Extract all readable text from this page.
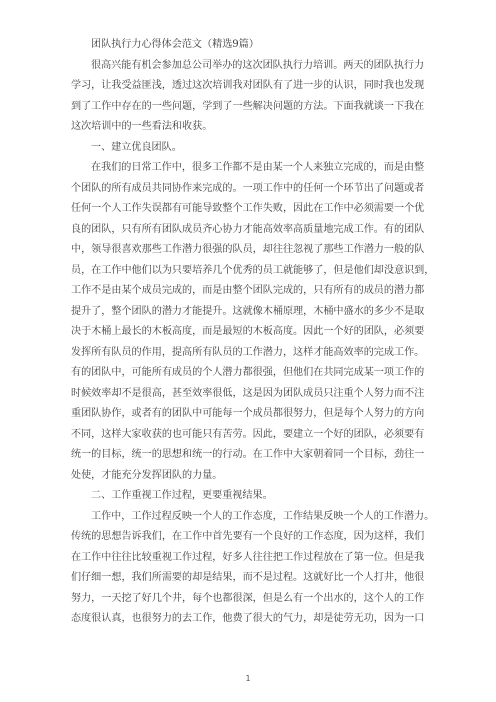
团队执行力心得体会范文（精选9篇）
很高兴能有机会参加总公司举办的这次团队执行力培训。两天的团队执行力
学习，让我受益匪浅，透过这次培训我对团队有了进一步的认识，同时我也发现
到了工作中存在的一些问题，学到了一些解决问题的方法。下面我就谈一下我在
这次培训中的一些看法和收获。
一、建立优良团队。
在我们的日常工作中，很多工作都不是由某一个人来独立完成的，而是由整
个团队的所有成员共同协作来完成的。一项工作中的任何一个环节出了问题或者
任何一个人工作失误都有可能导致整个工作失败，因此在工作中必须需要一个优
良的团队，只有所有团队成员齐心协力才能高效率高质量地完成工作。有的团队
中，领导很喜欢那些工作潜力很强的队员，却往往忽视了那些工作潜力一般的队
员，在工作中他们以为只要培养几个优秀的员工就能够了，但是他们却没意识到，
工作不是由某个成员完成的，而是由整个团队完成的，只有所有的成员的潜力都
提升了，整个团队的潜力才能提升。这就像木桶原理，木桶中盛水的多少不是取
决于木桶上最长的木板高度，而是最短的木板高度。因此一个好的团队，必须要
发挥所有队员的作用，提高所有队员的工作潜力，这样才能高效率的完成工作。
有的团队中，可能所有成员的个人潜力都很强，但他们在共同完成某一项工作的
时候效率却不是很高，甚至效率很低，这是因为团队成员只注重个人努力而不注
重团队协作，或者有的团队中可能每一个成员都很努力，但是每个人努力的方向
不同，这样大家收获的也可能只有苦劳。因此，要建立一个好的团队，必须要有
统一的目标，统一的思想和统一的行动。在工作中大家朝着同一个目标，劲往一
处使，才能充分发挥团队的力量。
二、工作重视工作过程，更要重视结果。
工作中，工作过程反映一个人的工作态度，工作结果反映一个人的工作潜力。
传统的思想告诉我们，在工作中首先要有一个良好的工作态度，因为这样，我们
在工作中往往比较重视工作过程，好多人往往把工作过程放在了第一位。但是我
们仔细一想，我们所需要的却是结果，而不是过程。这就好比一个人打井，他很
努力，一天挖了好几个井，每个也都很深，但是么有一个出水的，这个人的工作
态度很认真，也很努力的去工作，他费了很大的气力，却是徒劳无功，因为一口
1
